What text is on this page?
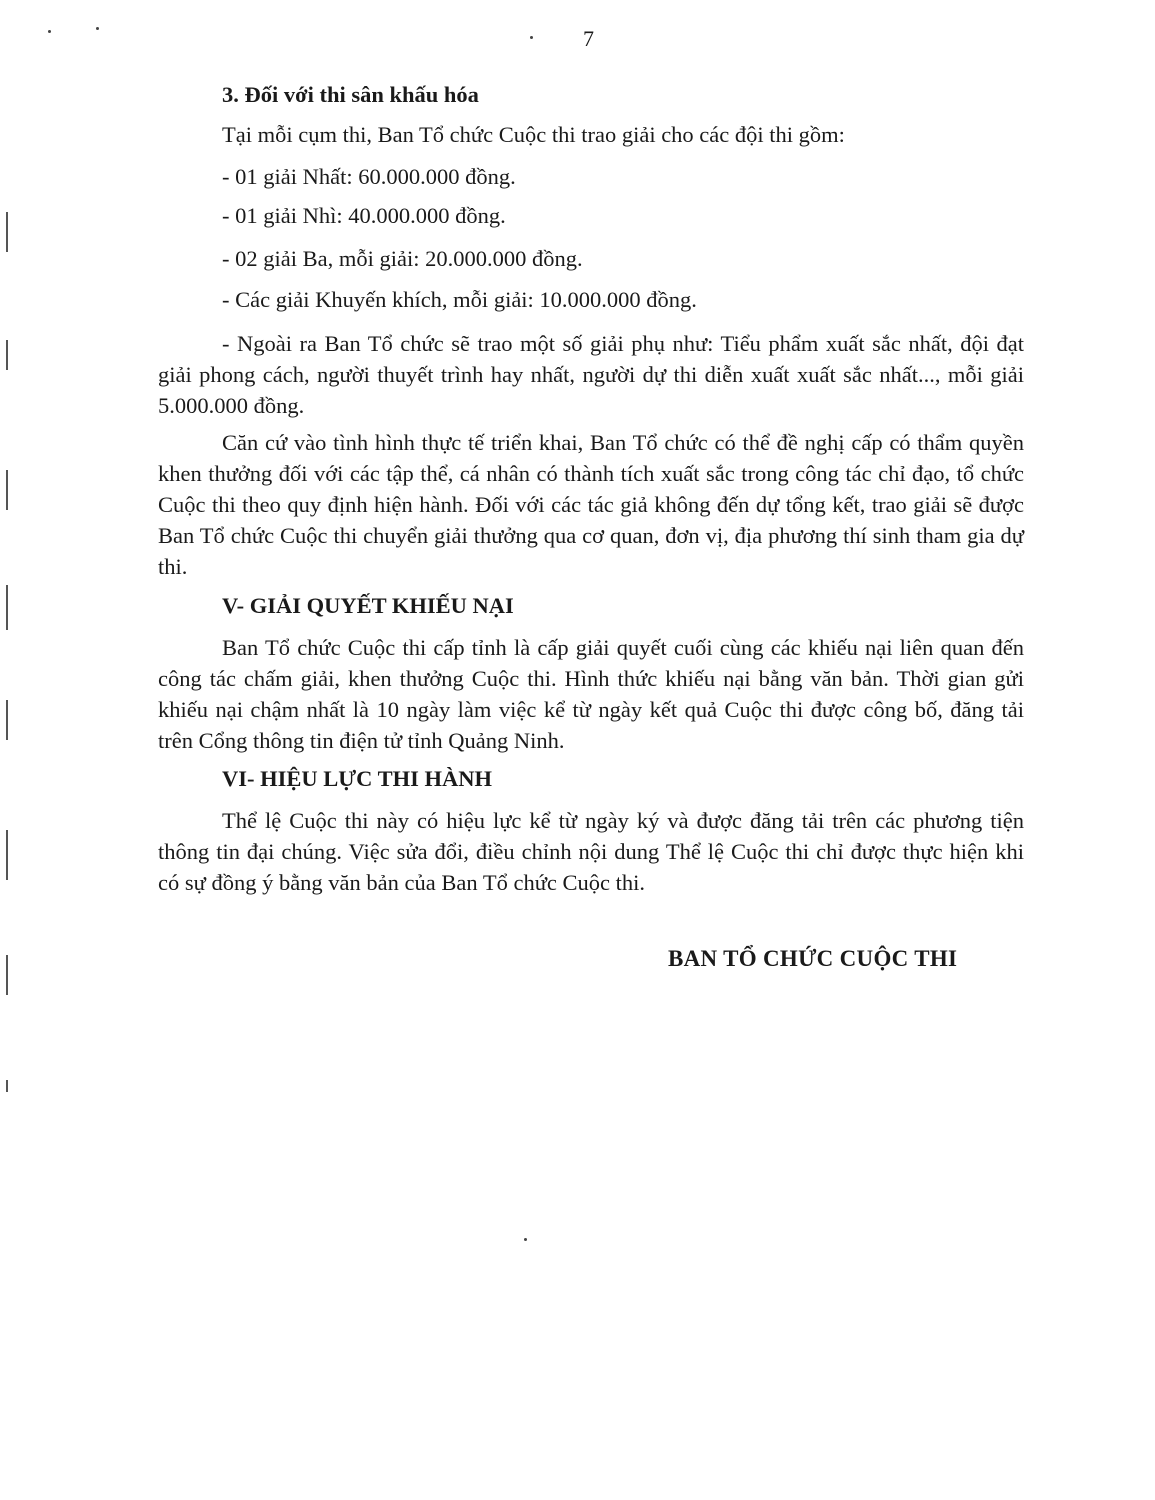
7
3. Đối với thi sân khấu hóa
Tại mỗi cụm thi, Ban Tổ chức Cuộc thi trao giải cho các đội thi gồm:
- 01 giải Nhất: 60.000.000 đồng.
- 01 giải Nhì: 40.000.000 đồng.
- 02 giải Ba, mỗi giải: 20.000.000 đồng.
- Các giải Khuyến khích, mỗi giải: 10.000.000 đồng.
- Ngoài ra Ban Tổ chức sẽ trao một số giải phụ như: Tiểu phẩm xuất sắc nhất, đội đạt giải phong cách, người thuyết trình hay nhất, người dự thi diễn xuất xuất sắc nhất..., mỗi giải 5.000.000 đồng.
Căn cứ vào tình hình thực tế triển khai, Ban Tổ chức có thể đề nghị cấp có thẩm quyền khen thưởng đối với các tập thể, cá nhân có thành tích xuất sắc trong công tác chỉ đạo, tổ chức Cuộc thi theo quy định hiện hành. Đối với các tác giả không đến dự tổng kết, trao giải sẽ được Ban Tổ chức Cuộc thi chuyển giải thưởng qua cơ quan, đơn vị, địa phương thí sinh tham gia dự thi.
V- GIẢI QUYẾT KHIẾU NẠI
Ban Tổ chức Cuộc thi cấp tỉnh là cấp giải quyết cuối cùng các khiếu nại liên quan đến công tác chấm giải, khen thưởng Cuộc thi. Hình thức khiếu nại bằng văn bản. Thời gian gửi khiếu nại chậm nhất là 10 ngày làm việc kể từ ngày kết quả Cuộc thi được công bố, đăng tải trên Cổng thông tin điện tử tỉnh Quảng Ninh.
VI- HIỆU LỰC THI HÀNH
Thể lệ Cuộc thi này có hiệu lực kể từ ngày ký và được đăng tải trên các phương tiện thông tin đại chúng. Việc sửa đổi, điều chỉnh nội dung Thể lệ Cuộc thi chỉ được thực hiện khi có sự đồng ý bằng văn bản của Ban Tổ chức Cuộc thi.
BAN TỔ CHỨC CUỘC THI
